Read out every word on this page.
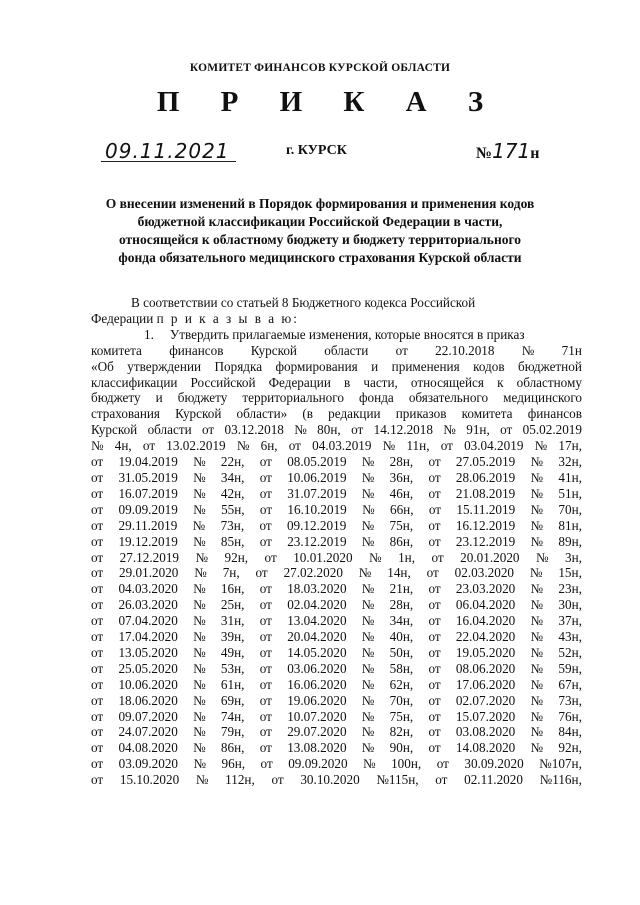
КОМИТЕТ ФИНАНСОВ КУРСКОЙ ОБЛАСТИ
П Р И К А З
09.11.2021	г. КУРСК	№171н
О внесении изменений в Порядок формирования и применения кодов
бюджетной классификации Российской Федерации в части,
относящейся к областному бюджету и бюджету территориального
фонда обязательного медицинского страхования Курской области
В соответствии со статьей 8 Бюджетного кодекса Российской
Федерации
п р и к а з ы в а ю:
1. Утвердить прилагаемые изменения, которые вносятся в приказ
комитета финансов Курской области от 22.10.2018 № 71н
«Об утверждении Порядка формирования и применения кодов бюджетной
классификации Российской Федерации в части, относящейся к областному
бюджету и бюджету территориального фонда обязательного медицинского
страхования Курской области» (в редакции приказов комитета финансов
Курской области от 03.12.2018 № 80н, от 14.12.2018 № 91н, от 05.02.2019
№ 4н, от 13.02.2019 № 6н, от 04.03.2019 № 11н, от 03.04.2019 № 17н,
от 19.04.2019 № 22н, от 08.05.2019 № 28н, от 27.05.2019 № 32н,
от 31.05.2019 № 34н, от 10.06.2019 № 36н, от 28.06.2019 № 41н,
от 16.07.2019 № 42н, от 31.07.2019 № 46н, от 21.08.2019 № 51н,
от 09.09.2019 № 55н, от 16.10.2019 № 66н, от 15.11.2019 № 70н,
от 29.11.2019 № 73н, от 09.12.2019 № 75н, от 16.12.2019 № 81н,
от 19.12.2019 № 85н, от 23.12.2019 № 86н, от 23.12.2019 № 89н,
от 27.12.2019 № 92н, от 10.01.2020 № 1н, от 20.01.2020 № 3н,
от 29.01.2020 № 7н, от 27.02.2020 № 14н, от 02.03.2020 № 15н,
от 04.03.2020 № 16н, от 18.03.2020 № 21н, от 23.03.2020 № 23н,
от 26.03.2020 № 25н, от 02.04.2020 № 28н, от 06.04.2020 № 30н,
от 07.04.2020 № 31н, от 13.04.2020 № 34н, от 16.04.2020 № 37н,
от 17.04.2020 № 39н, от 20.04.2020 № 40н, от 22.04.2020 № 43н,
от 13.05.2020 № 49н, от 14.05.2020 № 50н, от 19.05.2020 № 52н,
от 25.05.2020 № 53н, от 03.06.2020 № 58н, от 08.06.2020 № 59н,
от 10.06.2020 № 61н, от 16.06.2020 № 62н, от 17.06.2020 № 67н,
от 18.06.2020 № 69н, от 19.06.2020 № 70н, от 02.07.2020 № 73н,
от 09.07.2020 № 74н, от 10.07.2020 № 75н, от 15.07.2020 № 76н,
от 24.07.2020 № 79н, от 29.07.2020 № 82н, от 03.08.2020 № 84н,
от 04.08.2020 № 86н, от 13.08.2020 № 90н, от 14.08.2020 № 92н,
от 03.09.2020 № 96н, от 09.09.2020 № 100н, от 30.09.2020 №107н,
от 15.10.2020 № 112н, от 30.10.2020 №115н, от 02.11.2020 №116н,
